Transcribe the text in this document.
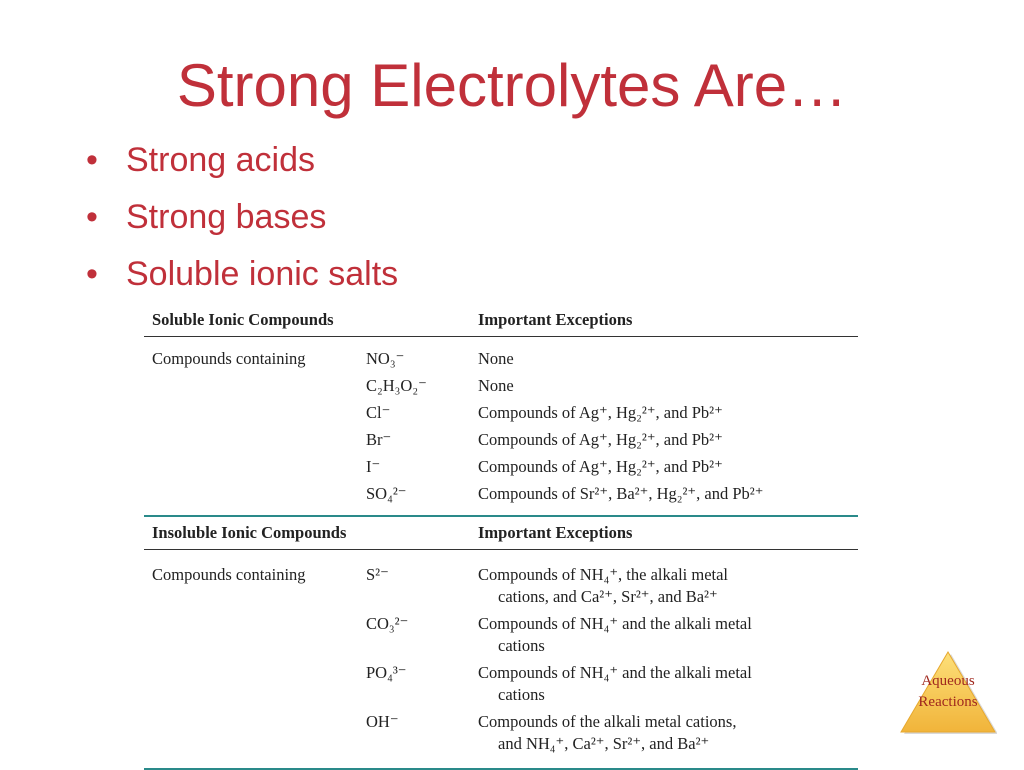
Strong Electrolytes Are…
• Strong acids
• Strong bases
• Soluble ionic salts
Soluble Ionic Compounds	Important Exceptions
Compounds containing	NO₃⁻	None
C₂H₃O₂⁻	None
Cl⁻	Compounds of Ag⁺, Hg₂²⁺, and Pb²⁺
Br⁻	Compounds of Ag⁺, Hg₂²⁺, and Pb²⁺
I⁻	Compounds of Ag⁺, Hg₂²⁺, and Pb²⁺
SO₄²⁻	Compounds of Sr²⁺, Ba²⁺, Hg₂²⁺, and Pb²⁺
Insoluble Ionic Compounds	Important Exceptions
Compounds containing	S²⁻	Compounds of NH₄⁺, the alkali metal
cations, and Ca²⁺, Sr²⁺, and Ba²⁺
CO₃²⁻	Compounds of NH₄⁺ and the alkali metal
cations
PO₄³⁻	Compounds of NH₄⁺ and the alkali metal
cations
OH⁻	Compounds of the alkali metal cations,
and NH₄⁺, Ca²⁺, Sr²⁺, and Ba²⁺
Aqueous
Reactions
